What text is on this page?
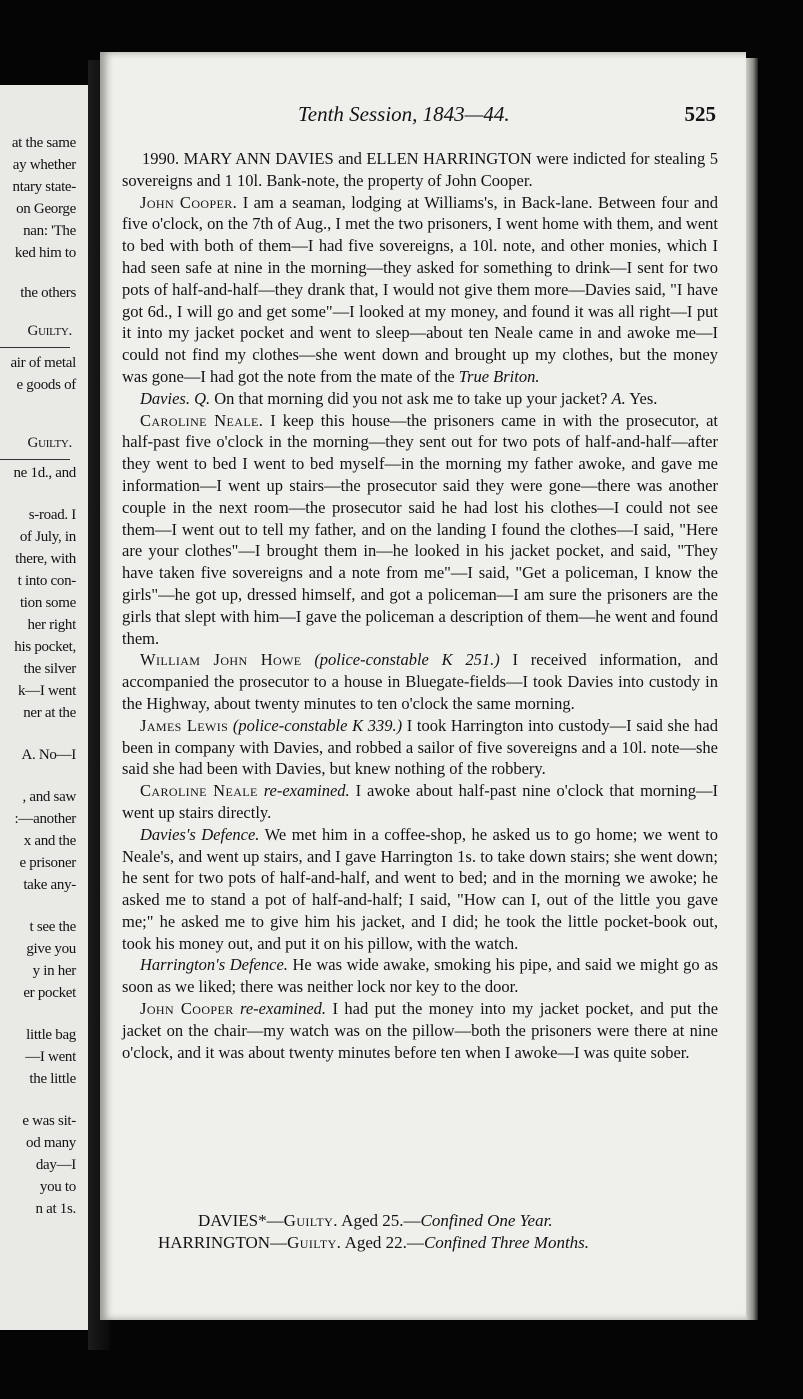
at the same
ay whether
ntary state-
on George
nan: 'The
ked him to
the others
Guilty.
air of metal
e goods of
Guilty.
ne 1d., and
s-road. I
of July, in
there, with
t into con-
tion some
her right
his pocket,
the silver
k—I went
ner at the
A. No—I
, and saw
:—another
x and the
e prisoner
take any-
t see the
give you
y in her
er pocket
little bag
—I went
the little
e was sit-
od many
day—I
you to
n at 1s.
Tenth Session, 1843—44.	525

1990. MARY ANN DAVIES and ELLEN HARRINGTON were indicted for stealing 5 sovereigns and 1 10l. Bank-note, the property of John Cooper.

John Cooper. I am a seaman, lodging at Williams's, in Back-lane. Between four and five o'clock, on the 7th of Aug., I met the two prisoners, I went home with them, and went to bed with both of them—I had five sovereigns, a 10l. note, and other monies, which I had seen safe at nine in the morning—they asked for something to drink—I sent for two pots of half-and-half—they drank that, I would not give them more—Davies said, "I have got 6d., I will go and get some"—I looked at my money, and found it was all right—I put it into my jacket pocket and went to sleep—about ten Neale came in and awoke me—I could not find my clothes—she went down and brought up my clothes, but the money was gone—I had got the note from the mate of the True Briton.

Davies. Q. On that morning did you not ask me to take up your jacket? A. Yes.

Caroline Neale. I keep this house—the prisoners came in with the prosecutor, at half-past five o'clock in the morning—they sent out for two pots of half-and-half—after they went to bed I went to bed myself—in the morning my father awoke, and gave me information—I went up stairs—the prosecutor said they were gone—there was another couple in the next room—the prosecutor said he had lost his clothes—I could not see them—I went out to tell my father, and on the landing I found the clothes—I said, "Here are your clothes"—I brought them in—he looked in his jacket pocket, and said, "They have taken five sovereigns and a note from me"—I said, "Get a policeman, I know the girls"—he got up, dressed himself, and got a policeman—I am sure the prisoners are the girls that slept with him—I gave the policeman a description of them—he went and found them.

William John Howe (police-constable K 251.) I received information, and accompanied the prosecutor to a house in Bluegate-fields—I took Davies into custody in the Highway, about twenty minutes to ten o'clock the same morning.

James Lewis (police-constable K 339.) I took Harrington into custody—I said she had been in company with Davies, and robbed a sailor of five sovereigns and a 10l. note—she said she had been with Davies, but knew nothing of the robbery.

Caroline Neale re-examined. I awoke about half-past nine o'clock that morning—I went up stairs directly.

Davies's Defence. We met him in a coffee-shop, he asked us to go home; we went to Neale's, and went up stairs, and I gave Harrington 1s. to take down stairs; she went down; he sent for two pots of half-and-half, and went to bed; and in the morning we awoke; he asked me to stand a pot of half-and-half; I said, "How can I, out of the little you gave me;" he asked me to give him his jacket, and I did; he took the little pocket-book out, took his money out, and put it on his pillow, with the watch.

Harrington's Defence. He was wide awake, smoking his pipe, and said we might go as soon as we liked; there was neither lock nor key to the door.

John Cooper re-examined. I had put the money into my jacket pocket, and put the jacket on the chair—my watch was on the pillow—both the prisoners were there at nine o'clock, and it was about twenty minutes before ten when I awoke—I was quite sober.

DAVIES*—Guilty. Aged 25.—Confined One Year.
HARRINGTON—Guilty. Aged 22.—Confined Three Months.
